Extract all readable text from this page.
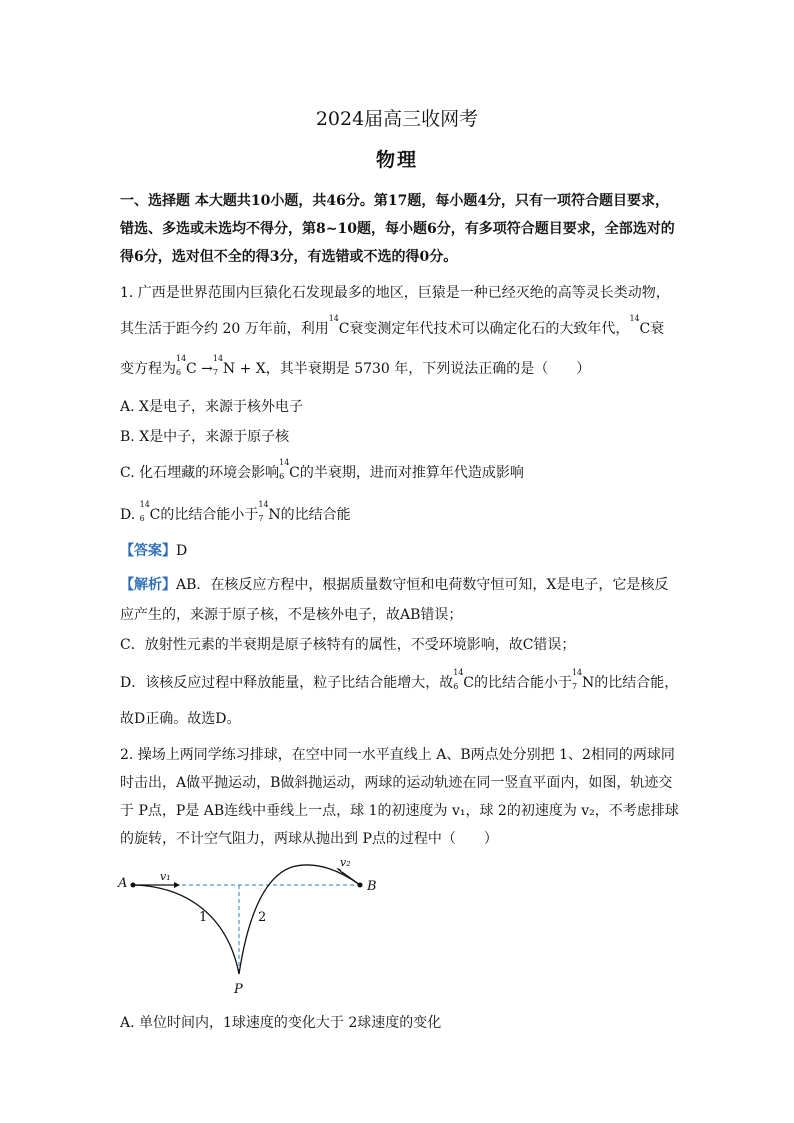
2024届高三收网考
物理
一、选择题 本大题共10小题，共46分。第17题，每小题4分，只有一项符合题目要求，
错选、多选或未选均不得分，第8~10题，每小题6分，有多项符合题目要求，全部选对的
得6分，选对但不全的得3分，有选错或不选的得0分。
1. 广西是世界范围内巨猿化石发现最多的地区，巨猿是一种已经灭绝的高等灵长类动物，
其生活于距今约 20 万年前，利用
14
C衰变测定年代技术可以确定化石的大致年代，
14
C衰
变方程为
14
6 C →
14
7 N + X，其半衰期是 5730 年，下列说法正确的是（　　）
A. X是电子，来源于核外电子
B. X是中子，来源于原子核
C. 化石埋藏的环境会影响
14
6 C的半衰期，进而对推算年代造成影响
D.
14
6 C的比结合能小于
14
7 N的比结合能
【答案】D
【解析】AB．在核反应方程中，根据质量数守恒和电荷数守恒可知，X是电子，它是核反
应产生的，来源于原子核，不是核外电子，故AB错误；
C．放射性元素的半衰期是原子核特有的属性，不受环境影响，故C错误；
D．该核反应过程中释放能量，粒子比结合能增大，故
14
6 C的比结合能小于
14
7 N的比结合能，
故D正确。故选D。
2. 操场上两同学练习排球，在空中同一水平直线上 A、B两点处分别把 1、2相同的两球同
时击出，A做平抛运动，B做斜抛运动，两球的运动轨迹在同一竖直平面内，如图，轨迹交
于 P点，P是 AB连线中垂线上一点，球 1的初速度为 v₁，球 2的初速度为 v₂，不考虑排球
的旋转，不计空气阻力，两球从抛出到 P点的过程中（　　）
A	B
P
v₁
v₂
1	2
A. 单位时间内，1球速度的变化大于 2球速度的变化
